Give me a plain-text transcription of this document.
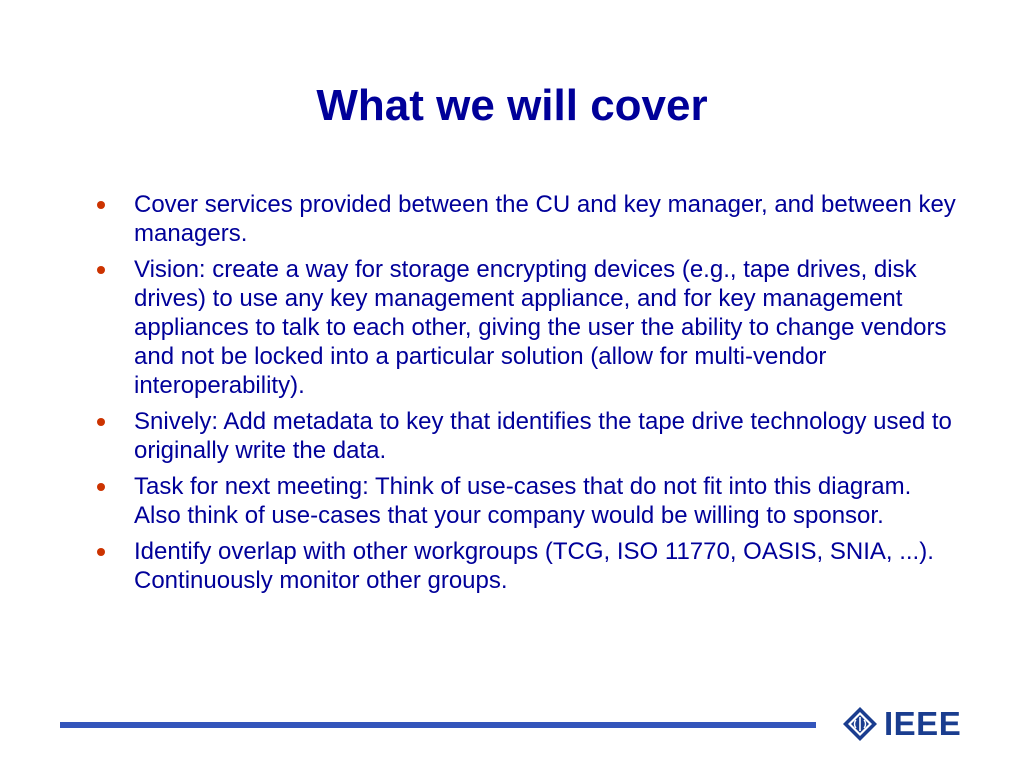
What we will cover
Cover services provided between the CU and key manager, and between key managers.
Vision: create a way for storage encrypting devices (e.g., tape drives, disk drives) to use any key management appliance, and for key management appliances to talk to each other, giving the user the ability to change vendors and not be locked into a particular solution (allow for multi-vendor interoperability).
Snively: Add metadata to key that identifies the tape drive technology used to originally write the data.
Task for next meeting: Think of use-cases that do not fit into this diagram. Also think of use-cases that your company would be willing to sponsor.
Identify overlap with other workgroups (TCG, ISO 11770, OASIS, SNIA, ...). Continuously monitor other groups.
IEEE
